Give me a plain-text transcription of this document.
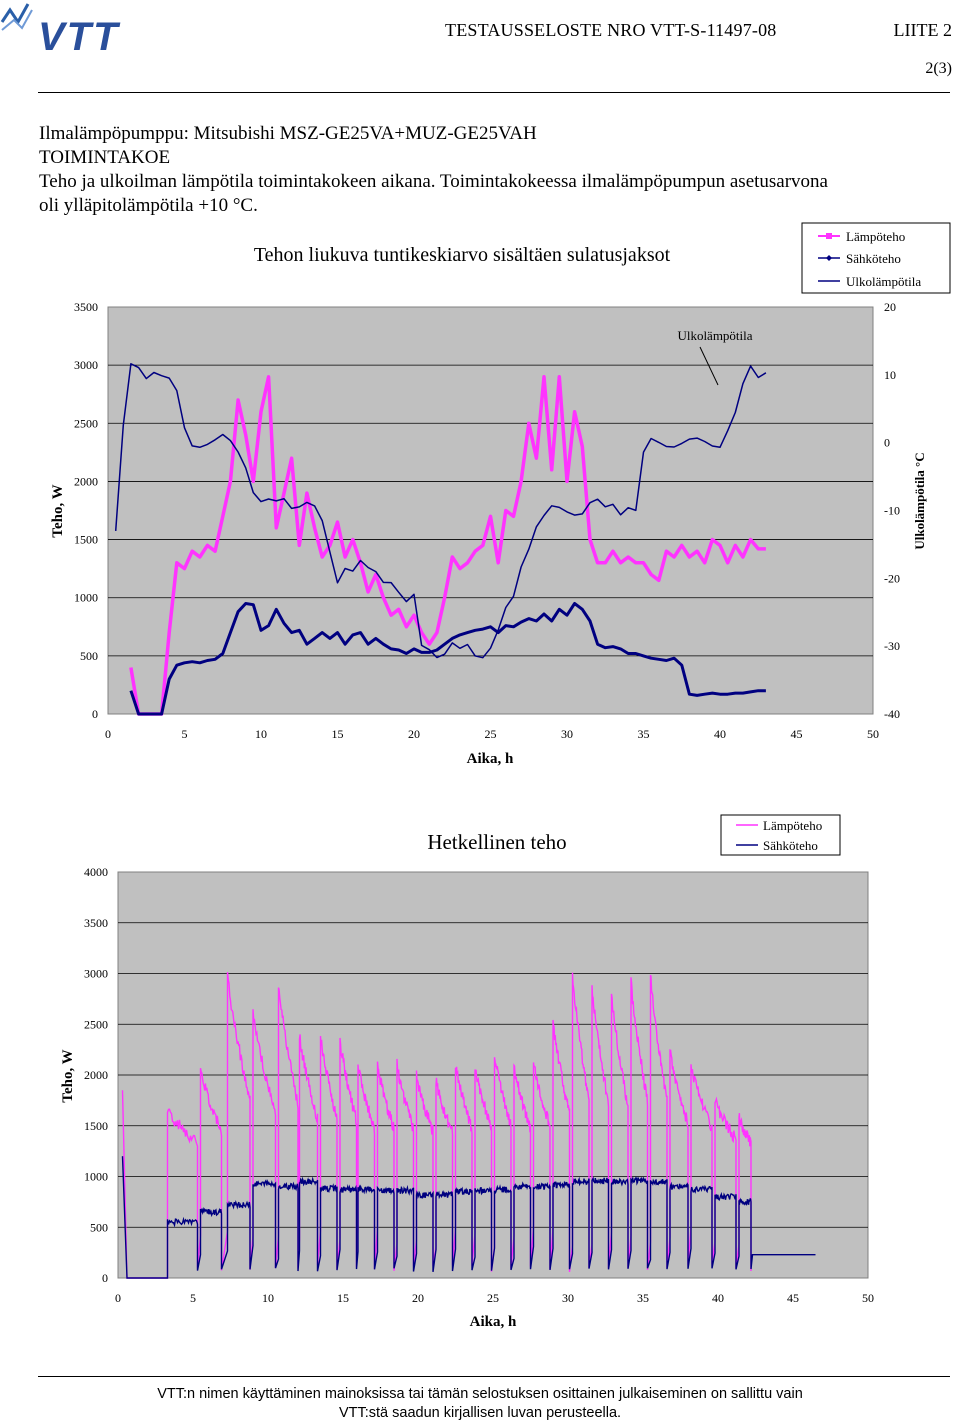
VTT	TESTAUSSELOSTE NRO VTT-S-11497-08	LIITE 2
2(3)
Ilmalämpöpumppu: Mitsubishi MSZ-GE25VA+MUZ-GE25VAH
TOIMINTAKOE
Teho ja ulkoilman lämpötila toimintakokeen aikana. Toimintakokeessa ilmalämpöpumpun asetusarvona
oli ylläpitolämpötila +10 °C.
0
500
1000
1500
2000
2500
3000
3500
-40
-30
-20
-10
0
10
20
0	5	10	15	20	25	30	35	40	45	50
Tehon liukuva tuntikeskiarvo sisältäen sulatusjaksot
Aika, h
Teho, W	Ulkolämpötila °C
Ulkolämpötila
Lämpöteho
Sähköteho
Ulkolämpötila
0
500
1000
1500
2000
2500
3000
3500
4000
0	5	10	15	20	25	30	35	40	45	50
Hetkellinen teho
Aika, h
Teho, W
Lämpöteho
Sähköteho
VTT:n nimen käyttäminen mainoksissa tai tämän selostuksen osittainen julkaiseminen on sallittu vain
VTT:stä saadun kirjallisen luvan perusteella.
